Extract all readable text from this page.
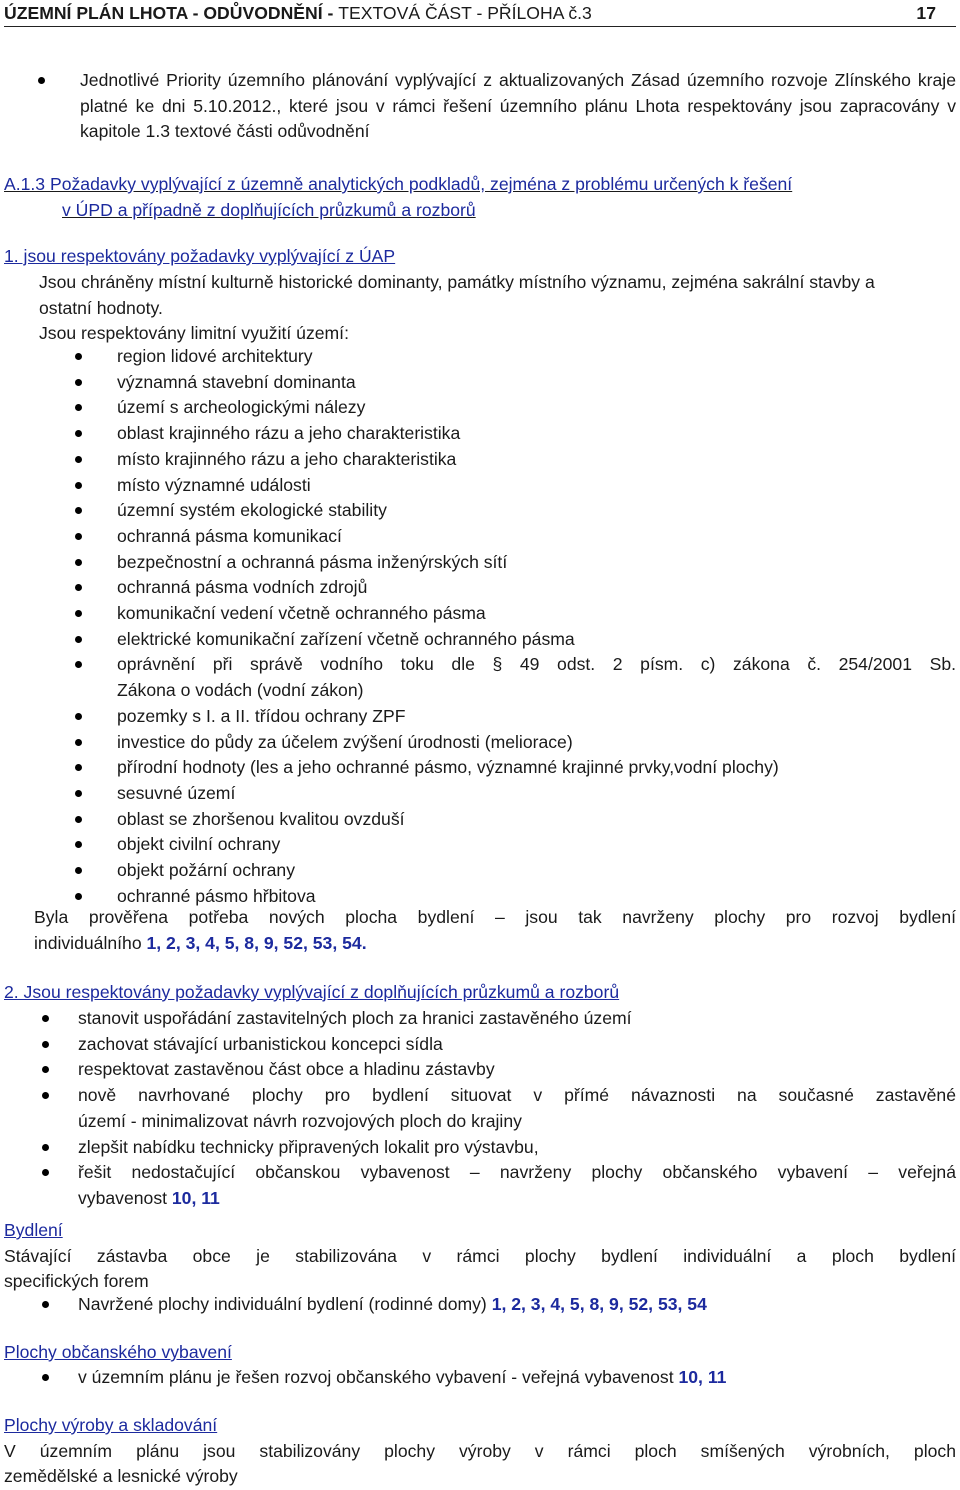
ÚZEMNÍ PLÁN LHOTA - ODŮVODNĚNÍ - TEXTOVÁ ČÁST - PŘÍLOHA č.3	17
Jednotlivé Priority územního plánování vyplývající z aktualizovaných Zásad územního rozvoje Zlínského kraje platné ke dni 5.10.2012., které jsou v rámci řešení územního plánu Lhota respektovány jsou zapracovány v kapitole 1.3 textové části odůvodnění
A.1.3 Požadavky vyplývající z územně analytických podkladů, zejména z problému určených k řešení
v ÚPD a případně z doplňujících průzkumů a rozborů
1. jsou respektovány požadavky vyplývající z ÚAP
Jsou chráněny místní kulturně historické dominanty, památky místního významu, zejména sakrální stavby a ostatní hodnoty.
Jsou respektovány limitní využití území:
region lidové architektury
významná stavební dominanta
území s archeologickými nálezy
oblast krajinného rázu a jeho charakteristika
místo krajinného rázu a jeho charakteristika
místo významné události
územní systém ekologické stability
ochranná pásma komunikací
bezpečnostní a ochranná pásma inženýrských sítí
ochranná pásma vodních zdrojů
komunikační vedení včetně ochranného pásma
elektrické komunikační zařízení včetně ochranného pásma
oprávnění při správě vodního toku dle § 49 odst. 2 písm. c) zákona č. 254/2001 Sb.
Zákona o vodách (vodní zákon)
pozemky s I. a II. třídou ochrany ZPF
investice do půdy za účelem zvýšení úrodnosti (meliorace)
přírodní hodnoty (les a jeho ochranné pásmo, významné krajinné prvky,vodní plochy)
sesuvné území
oblast se zhoršenou kvalitou ovzduší
objekt civilní ochrany
objekt požární ochrany
ochranné pásmo hřbitova
Byla prověřena potřeba nových plocha bydlení – jsou tak navrženy plochy pro rozvoj bydlení
individuálního 1, 2, 3, 4, 5, 8, 9, 52, 53, 54.
2. Jsou respektovány požadavky vyplývající z doplňujících průzkumů a rozborů
stanovit uspořádání zastavitelných ploch za hranici zastavěného území
zachovat stávající urbanistickou koncepci sídla
respektovat zastavěnou část obce a hladinu zástavby
nově navrhované plochy pro bydlení situovat v přímé návaznosti na současné zastavěné
území - minimalizovat návrh rozvojových ploch do krajiny
zlepšit nabídku technicky připravených lokalit pro výstavbu,
řešit nedostačující občanskou vybavenost – navrženy plochy občanského vybavení – veřejná
vybavenost 10, 11
Bydlení
Stávající zástavba obce je stabilizována v rámci plochy bydlení individuální a ploch bydlení
specifických forem
Navržené plochy individuální bydlení (rodinné domy) 1, 2, 3, 4, 5, 8, 9, 52, 53, 54
Plochy občanského vybavení
v územním plánu je řešen rozvoj občanského vybavení - veřejná vybavenost 10, 11
Plochy výroby a skladování
V územním plánu jsou stabilizovány plochy výroby v rámci ploch smíšených výrobních, ploch
zemědělské a lesnické výroby
